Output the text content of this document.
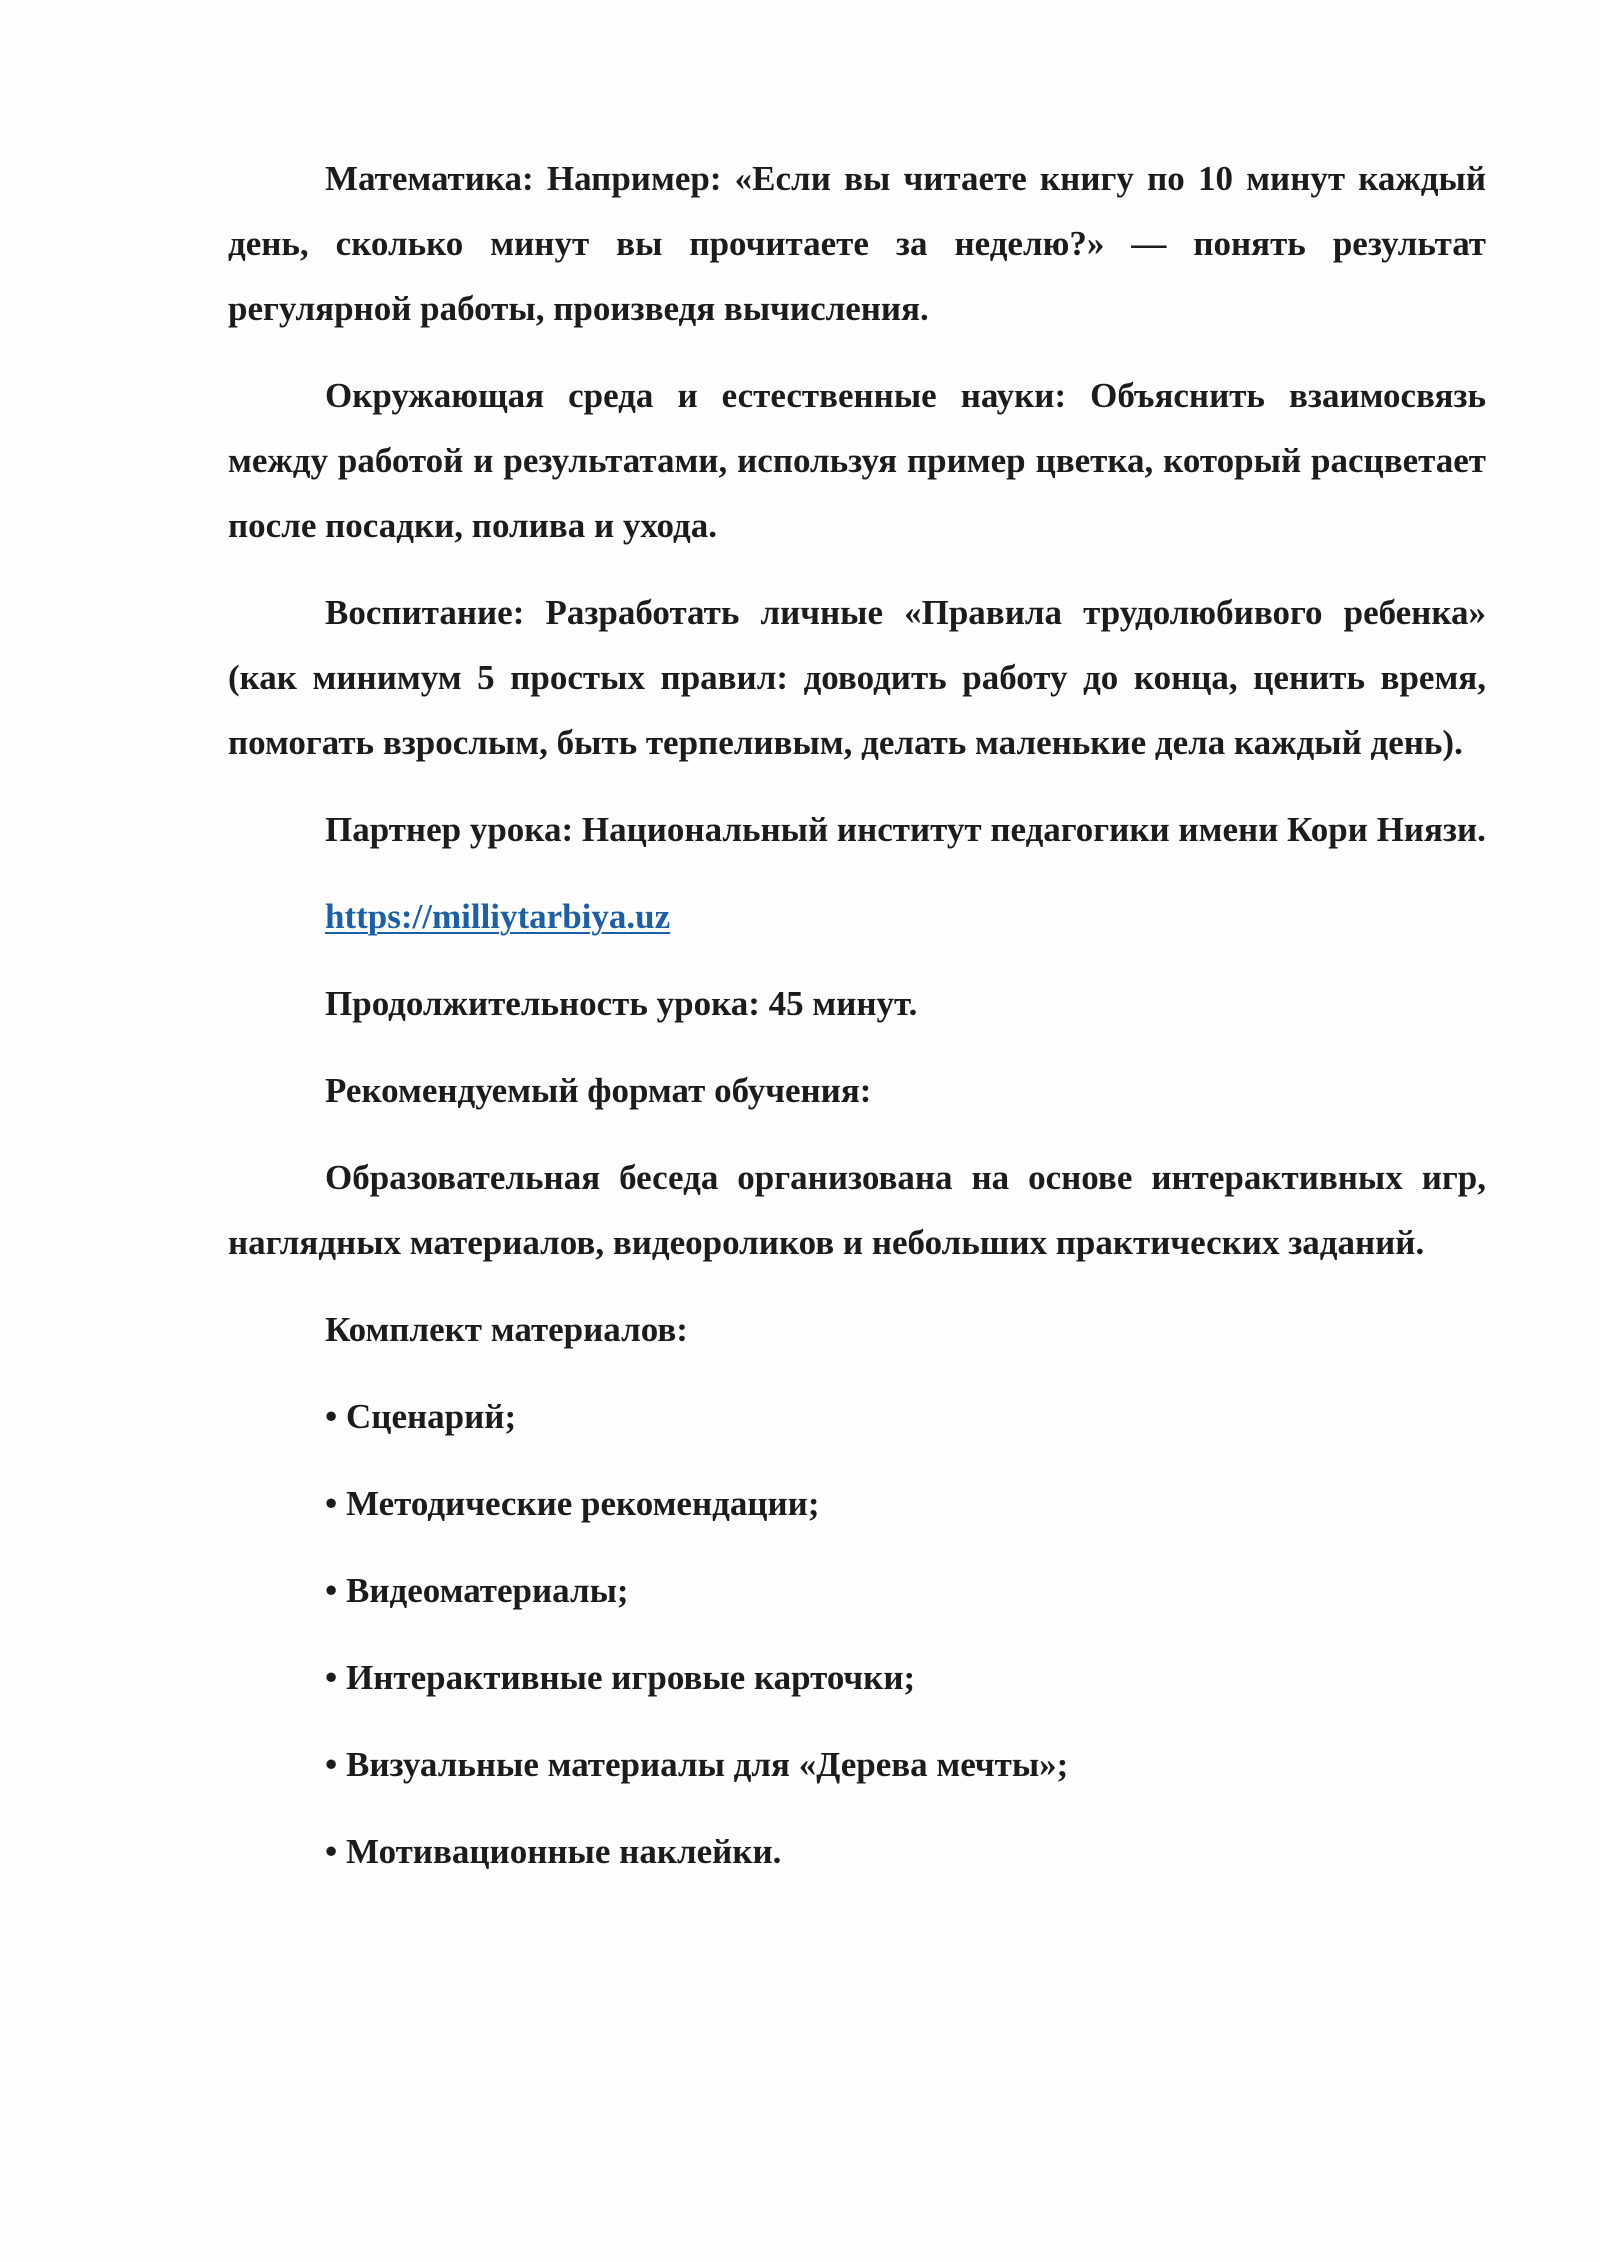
Математика: Например: «Если вы читаете книгу по 10 минут каждый день, сколько минут вы прочитаете за неделю?» — понять результат регулярной работы, произведя вычисления.

Окружающая среда и естественные науки: Объяснить взаимосвязь между работой и результатами, используя пример цветка, который расцветает после посадки, полива и ухода.

Воспитание: Разработать личные «Правила трудолюбивого ребенка» (как минимум 5 простых правил: доводить работу до конца, ценить время, помогать взрослым, быть терпеливым, делать маленькие дела каждый день).

Партнер урока: Национальный институт педагогики имени Кори Ниязи.

https://milliytarbiya.uz

Продолжительность урока: 45 минут.

Рекомендуемый формат обучения:

Образовательная беседа организована на основе интерактивных игр, наглядных материалов, видеороликов и небольших практических заданий.

Комплект материалов:

• Сценарий;

• Методические рекомендации;

• Видеоматериалы;

• Интерактивные игровые карточки;

• Визуальные материалы для «Дерева мечты»;

• Мотивационные наклейки.
